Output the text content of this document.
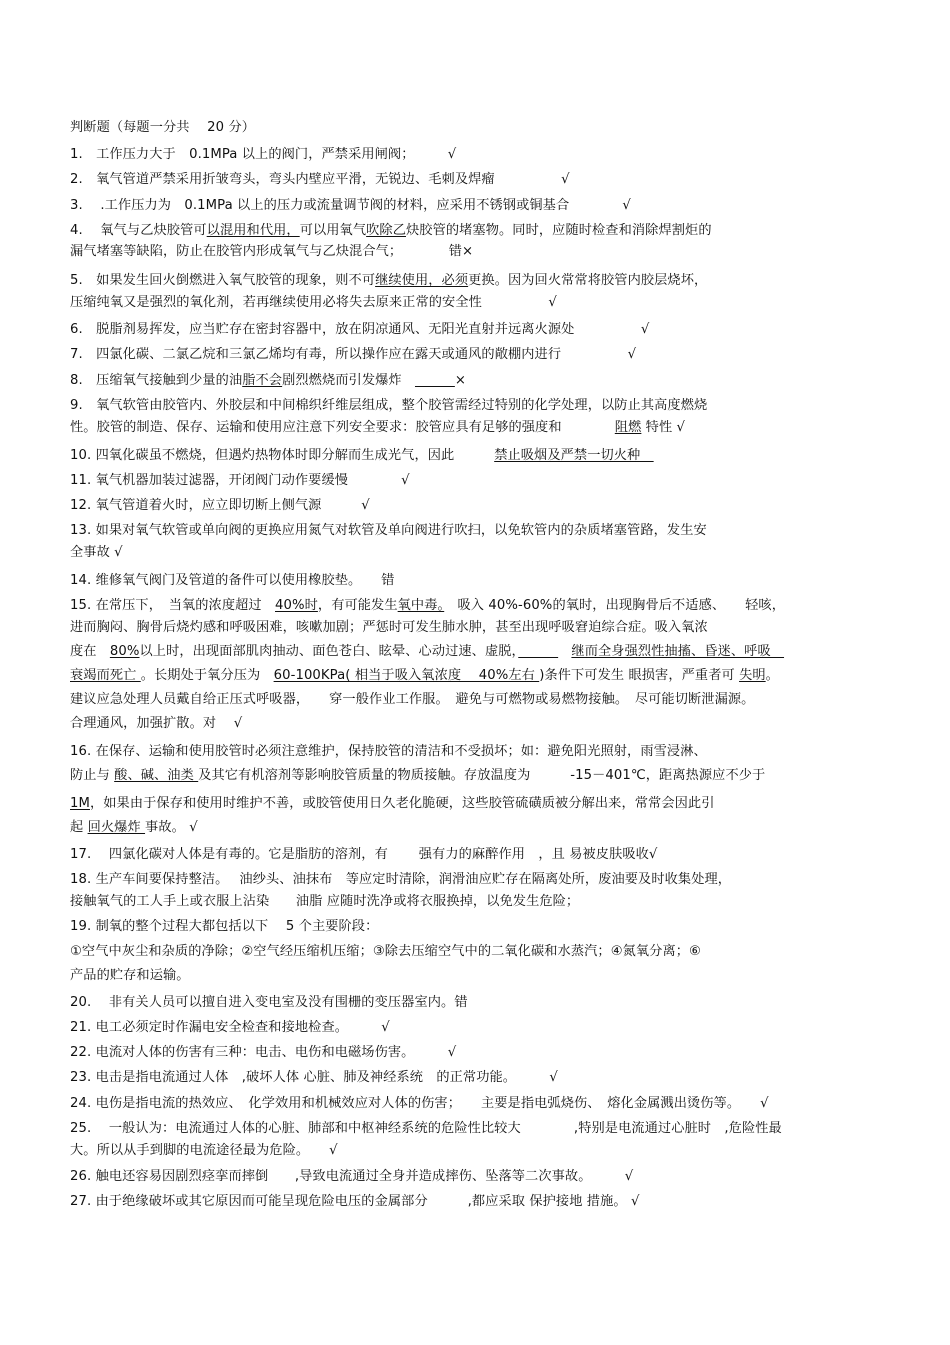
判断题（每题一分共　 20 分）
1.　工作压力大于　0.1MPa 以上的阀门，严禁采用闸阀；　　　√
2.　氧气管道严禁采用折皱弯头，弯头内壁应平滑，无锐边、毛刺及焊瘤　　　　　√
3.　 .工作压力为　0.1MPa 以上的压力或流量调节阀的材料，应采用不锈钢或铜基合　　　　√
4.　 氧气与乙炔胶管可以混用和代用，可以用氧气吹除乙炔胶管的堵塞物。同时，应随时检查和消除焊割炬的
漏气堵塞等缺陷，防止在胶管内形成氧气与乙炔混合气；　　　　错×
5.　如果发生回火倒燃进入氧气胶管的现象，则不可继续使用，必须更换。因为回火常常将胶管内胶层烧坏，
压缩纯氧又是强烈的氧化剂，若再继续使用必将失去原来正常的安全性　　　　　√
6.　脱脂剂易挥发，应当贮存在密封容器中，放在阴凉通风、无阳光直射并远离火源处　　　　　√
7.　四氯化碳、二氯乙烷和三氯乙烯均有毒，所以操作应在露天或通风的敞棚内进行　　　　　√
8.　压缩氧气接触到少量的油脂不会剧烈燃烧而引发爆炸　　　　	×
9.　氧气软管由胶管内、外胶层和中间棉织纤维层组成，整个胶管需经过特别的化学处理，以防止其高度燃烧
性。胶管的制造、保存、运输和使用应注意下列安全要求：胶管应具有足够的强度和　　　　阻燃 特性 √
10. 四氧化碳虽不燃烧，但遇灼热物体时即分解而生成光气，因此　　　禁止吸烟及严禁一切火种　
11. 氧气机器加装过滤器，开闭阀门动作要缓慢　　　　√
12. 氧气管道着火时，应立即切断上侧气源　　　√
13. 如果对氧气软管或单向阀的更换应用氮气对软管及单向阀进行吹扫，以免软管内的杂质堵塞管路，发生安
全事故 √
14. 维修氧气阀门及管道的备件可以使用橡胶垫。　　错
15. 在常压下，　当氧的浓度超过　40%时，有可能发生氧中毒。　吸入 40%-60%的氧时，出现胸骨后不适感、　　轻咳，
进而胸闷、胸骨后烧灼感和呼吸困难，咳嗽加剧；严惩时可发生肺水肿，甚至出现呼吸窘迫综合症。吸入氧浓
度在　80%以上时，出现面部肌肉抽动、面色苍白、眩晕、心动过速、虚脱，　　　　	继而全身强烈性抽搐、昏迷、呼吸　
衰竭而死亡 。长期处于氧分压为　60-100KPa( 相当于吸入氧浓度　 40%左右 )条件下可发生 眼损害，严重者可 失明。
建议应急处理人员戴自给正压式呼吸器，　　穿一般作业工作服。　避免与可燃物或易燃物接触。　尽可能切断泄漏源。
合理通风，加强扩散。对　 √
16. 在保存、运输和使用胶管时必须注意维护，保持胶管的清洁和不受损坏；如：避免阳光照射，雨雪浸淋、
防止与 酸、碱、油类 及其它有机溶剂等影响胶管质量的物质接触。存放温度为　　　-15－401℃，距离热源应不少于
1M，如果由于保存和使用时维护不善，或胶管使用日久老化脆硬，这些胶管硫磺质被分解出来，常常会因此引
起 回火爆炸 事故。 √
17.　 四氯化碳对人体是有毒的。它是脂肪的溶剂，有　　 强有力的麻醉作用　，且 易被皮肤吸收√
18. 生产车间要保持整洁。　 油纱头、油抹布　等应定时清除，润滑油应贮存在隔离处所，废油要及时收集处理，
接触氧气的工人手上或衣服上沾染　　油脂 应随时洗净或将衣服换掉，以免发生危险；
19. 制氧的整个过程大都包括以下　 5 个主要阶段：
①空气中灰尘和杂质的净除；②空气经压缩机压缩；③除去压缩空气中的二氧化碳和水蒸汽；④氮氧分离；⑥
产品的贮存和运输。
20.　 非有关人员可以擅自进入变电室及没有围栅的变压器室内。错
21. 电工必须定时作漏电安全检查和接地检查。　　　√
22. 电流对人体的伤害有三种：电击、电伤和电磁场伤害。　　　√
23. 电击是指电流通过人体　,破坏人体 心脏、肺及神经系统　的正常功能。　　　√
24. 电伤是指电流的热效应、　化学效用和机械效应对人体的伤害；　　主要是指电弧烧伤、　熔化金属溅出烫伤等。　　√
25.　 一般认为：电流通过人体的心脏、肺部和中枢神经系统的危险性比较大　　　　,特别是电流通过心脏时　,危险性最
大。所以从手到脚的电流途径最为危险。　　√
26. 触电还容易因剧烈痉挛而摔倒　　,导致电流通过全身并造成摔伤、坠落等二次事故。　　　√
27. 由于绝缘破坏或其它原因而可能呈现危险电压的金属部分　　　,都应采取 保护接地 措施。 √
